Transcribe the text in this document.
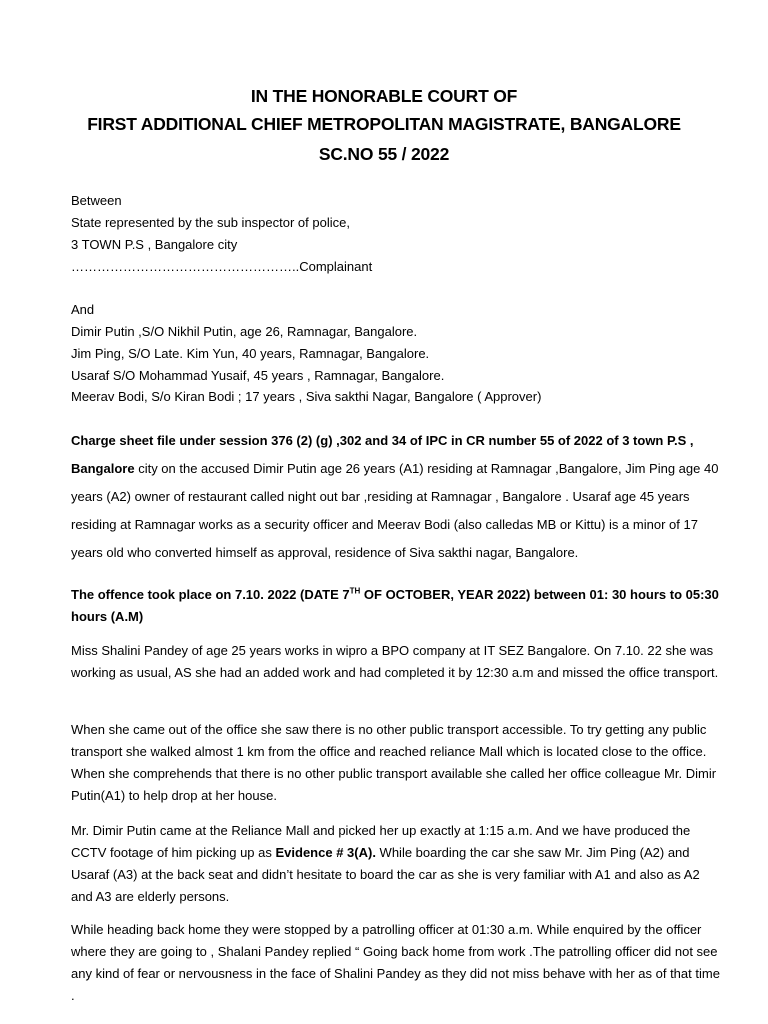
IN THE HONORABLE COURT OF
FIRST ADDITIONAL CHIEF METROPOLITAN MAGISTRATE, BANGALORE
SC.NO 55 / 2022
Between
State represented by the sub inspector of police,
3 TOWN P.S , Bangalore city
……………………………………………..Complainant
And
Dimir Putin ,S/O Nikhil Putin, age 26, Ramnagar, Bangalore.
Jim Ping, S/O Late. Kim Yun, 40 years, Ramnagar, Bangalore.
Usaraf S/O Mohammad Yusaif, 45 years , Ramnagar, Bangalore.
Meerav Bodi, S/o Kiran Bodi ; 17 years , Siva sakthi Nagar, Bangalore ( Approver)
Charge sheet file under session 376 (2) (g) ,302 and 34 of IPC in CR number 55 of 2022 of 3 town P.S , Bangalore city on the accused Dimir Putin age 26 years (A1) residing at Ramnagar ,Bangalore, Jim Ping age 40 years (A2) owner of restaurant called night out bar ,residing at Ramnagar , Bangalore . Usaraf age 45 years residing at Ramnagar works as a security officer and Meerav Bodi (also calledas MB or Kittu) is a minor of 17 years old who converted himself as approval, residence of Siva sakthi nagar, Bangalore.
The offence took place on 7.10. 2022 (DATE 7TH OF OCTOBER, YEAR 2022) between 01: 30 hours to 05:30 hours (A.M)
Miss Shalini Pandey of age 25 years works in wipro a BPO company at IT SEZ Bangalore. On 7.10. 22 she was working as usual, AS she had an added work and had completed it by 12:30 a.m and missed the office transport.
When she came out of the office she saw there is no other public transport accessible. To try getting any public transport she walked almost 1 km from the office and reached reliance Mall which is located close to the office. When she comprehends that there is no other public transport available she called her office colleague Mr. Dimir Putin(A1) to help drop at her house.
Mr. Dimir Putin came at the Reliance Mall and picked her up exactly at 1:15 a.m. And we have produced the CCTV footage of him picking up as Evidence # 3(A). While boarding the car she saw Mr. Jim Ping (A2) and Usaraf (A3) at the back seat and didn’t hesitate to board the car as she is very familiar with A1 and also as A2 and A3 are elderly persons.
While heading back home they were stopped by a patrolling officer at 01:30 a.m. While enquired by the officer where they are going to , Shalani Pandey replied “ Going back home from work .The patrolling officer did not see any kind of fear or nervousness in the face of Shalini Pandey as they did not miss behave with her as of that time .
